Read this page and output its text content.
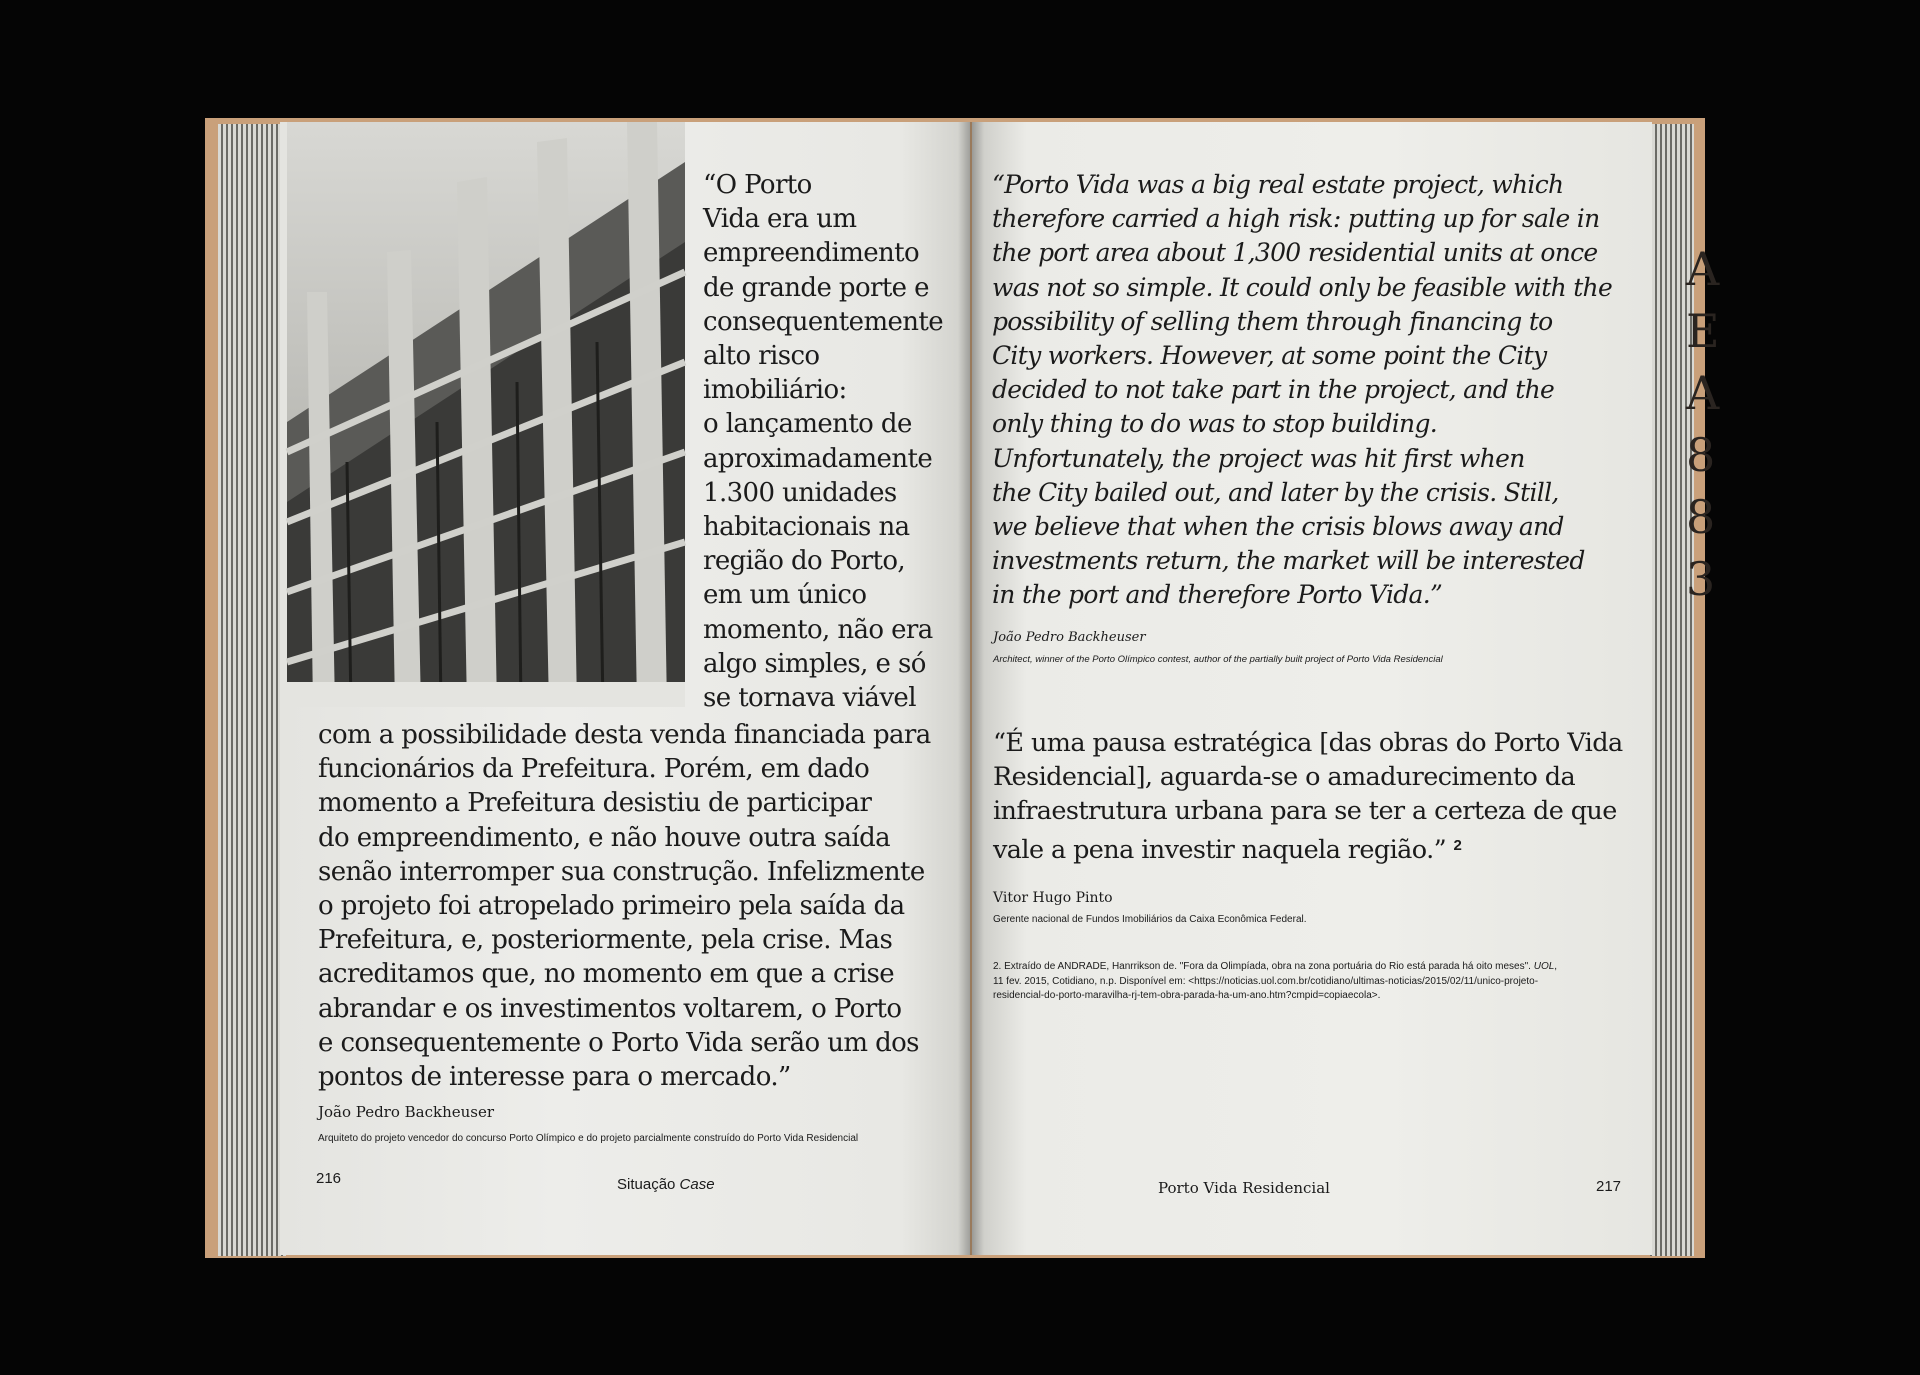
“O Porto
Vida era um
empreendimento
de grande porte e
consequentemente
alto risco
imobiliário:
o lançamento de
aproximadamente
1.300 unidades
habitacionais na
região do Porto,
em um único
momento, não era
algo simples, e só
se tornava viável
com a possibilidade desta venda financiada para
funcionários da Prefeitura. Porém, em dado
momento a Prefeitura desistiu de participar
do empreendimento, e não houve outra saída
senão interromper sua construção. Infelizmente
o projeto foi atropelado primeiro pela saída da
Prefeitura, e, posteriormente, pela crise. Mas
acreditamos que, no momento em que a crise
abrandar e os investimentos voltarem, o Porto
e consequentemente o Porto Vida serão um dos
pontos de interesse para o mercado.”
João Pedro Backheuser
Arquiteto do projeto vencedor do concurso Porto Olímpico e do projeto parcialmente construído do Porto Vida Residencial
216	Situação Case
“Porto Vida was a big real estate project, which
therefore carried a high risk: putting up for sale in
the port area about 1,300 residential units at once
was not so simple. It could only be feasible with the
possibility of selling them through financing to
City workers. However, at some point the City
decided to not take part in the project, and the
only thing to do was to stop building.
Unfortunately, the project was hit first when
the City bailed out, and later by the crisis. Still,
we believe that when the crisis blows away and
investments return, the market will be interested
in the port and therefore Porto Vida.”
João Pedro Backheuser
Architect, winner of the Porto Olímpico contest, author of the partially built project of Porto Vida Residencial
“É uma pausa estratégica [das obras do Porto Vida
Residencial], aguarda-se o amadurecimento da
infraestrutura urbana para se ter a certeza de que
vale a pena investir naquela região.” $^2$
Vitor Hugo Pinto
Gerente nacional de Fundos Imobiliários da Caixa Econômica Federal.
2. Extraído de ANDRADE, Hanrrikson de. "Fora da Olimpíada, obra na zona portuária do Rio está parada há oito meses". UOL,
11 fev. 2015, Cotidiano, n.p. Disponível em: <https://noticias.uol.com.br/cotidiano/ultimas-noticias/2015/02/11/unico-projeto-
residencial-do-porto-maravilha-rj-tem-obra-parada-ha-um-ano.htm?cmpid=copiaecola>.
Porto Vida Residencial	217
A
E
A
8
8
3
